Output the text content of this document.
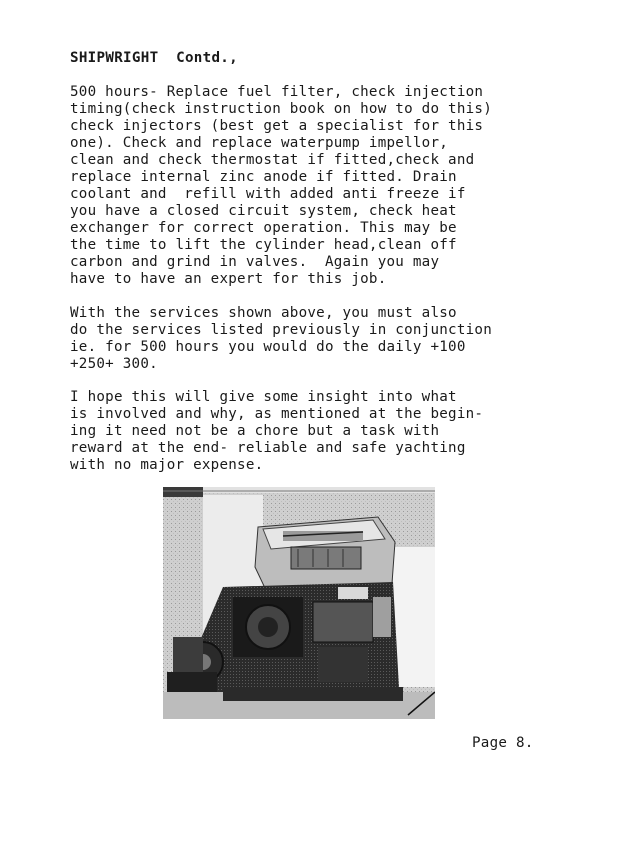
SHIPWRIGHT  Contd.,
500 hours- Replace fuel filter, check injection
timing(check instruction book on how to do this)
check injectors (best get a specialist for this
one). Check and replace waterpump impellor,
clean and check thermostat if fitted,check and
replace internal zinc anode if fitted. Drain
coolant and  refill with added anti freeze if
you have a closed circuit system, check heat
exchanger for correct operation. This may be
the time to lift the cylinder head,clean off
carbon and grind in valves.  Again you may
have to have an expert for this job.
With the services shown above, you must also
do the services listed previously in conjunction
ie. for 500 hours you would do the daily +100
+250+ 300.
I hope this will give some insight into what
is involved and why, as mentioned at the begin-
ing it need not be a chore but a task with
reward at the end- reliable and safe yachting
with no major expense.
Page 8.
